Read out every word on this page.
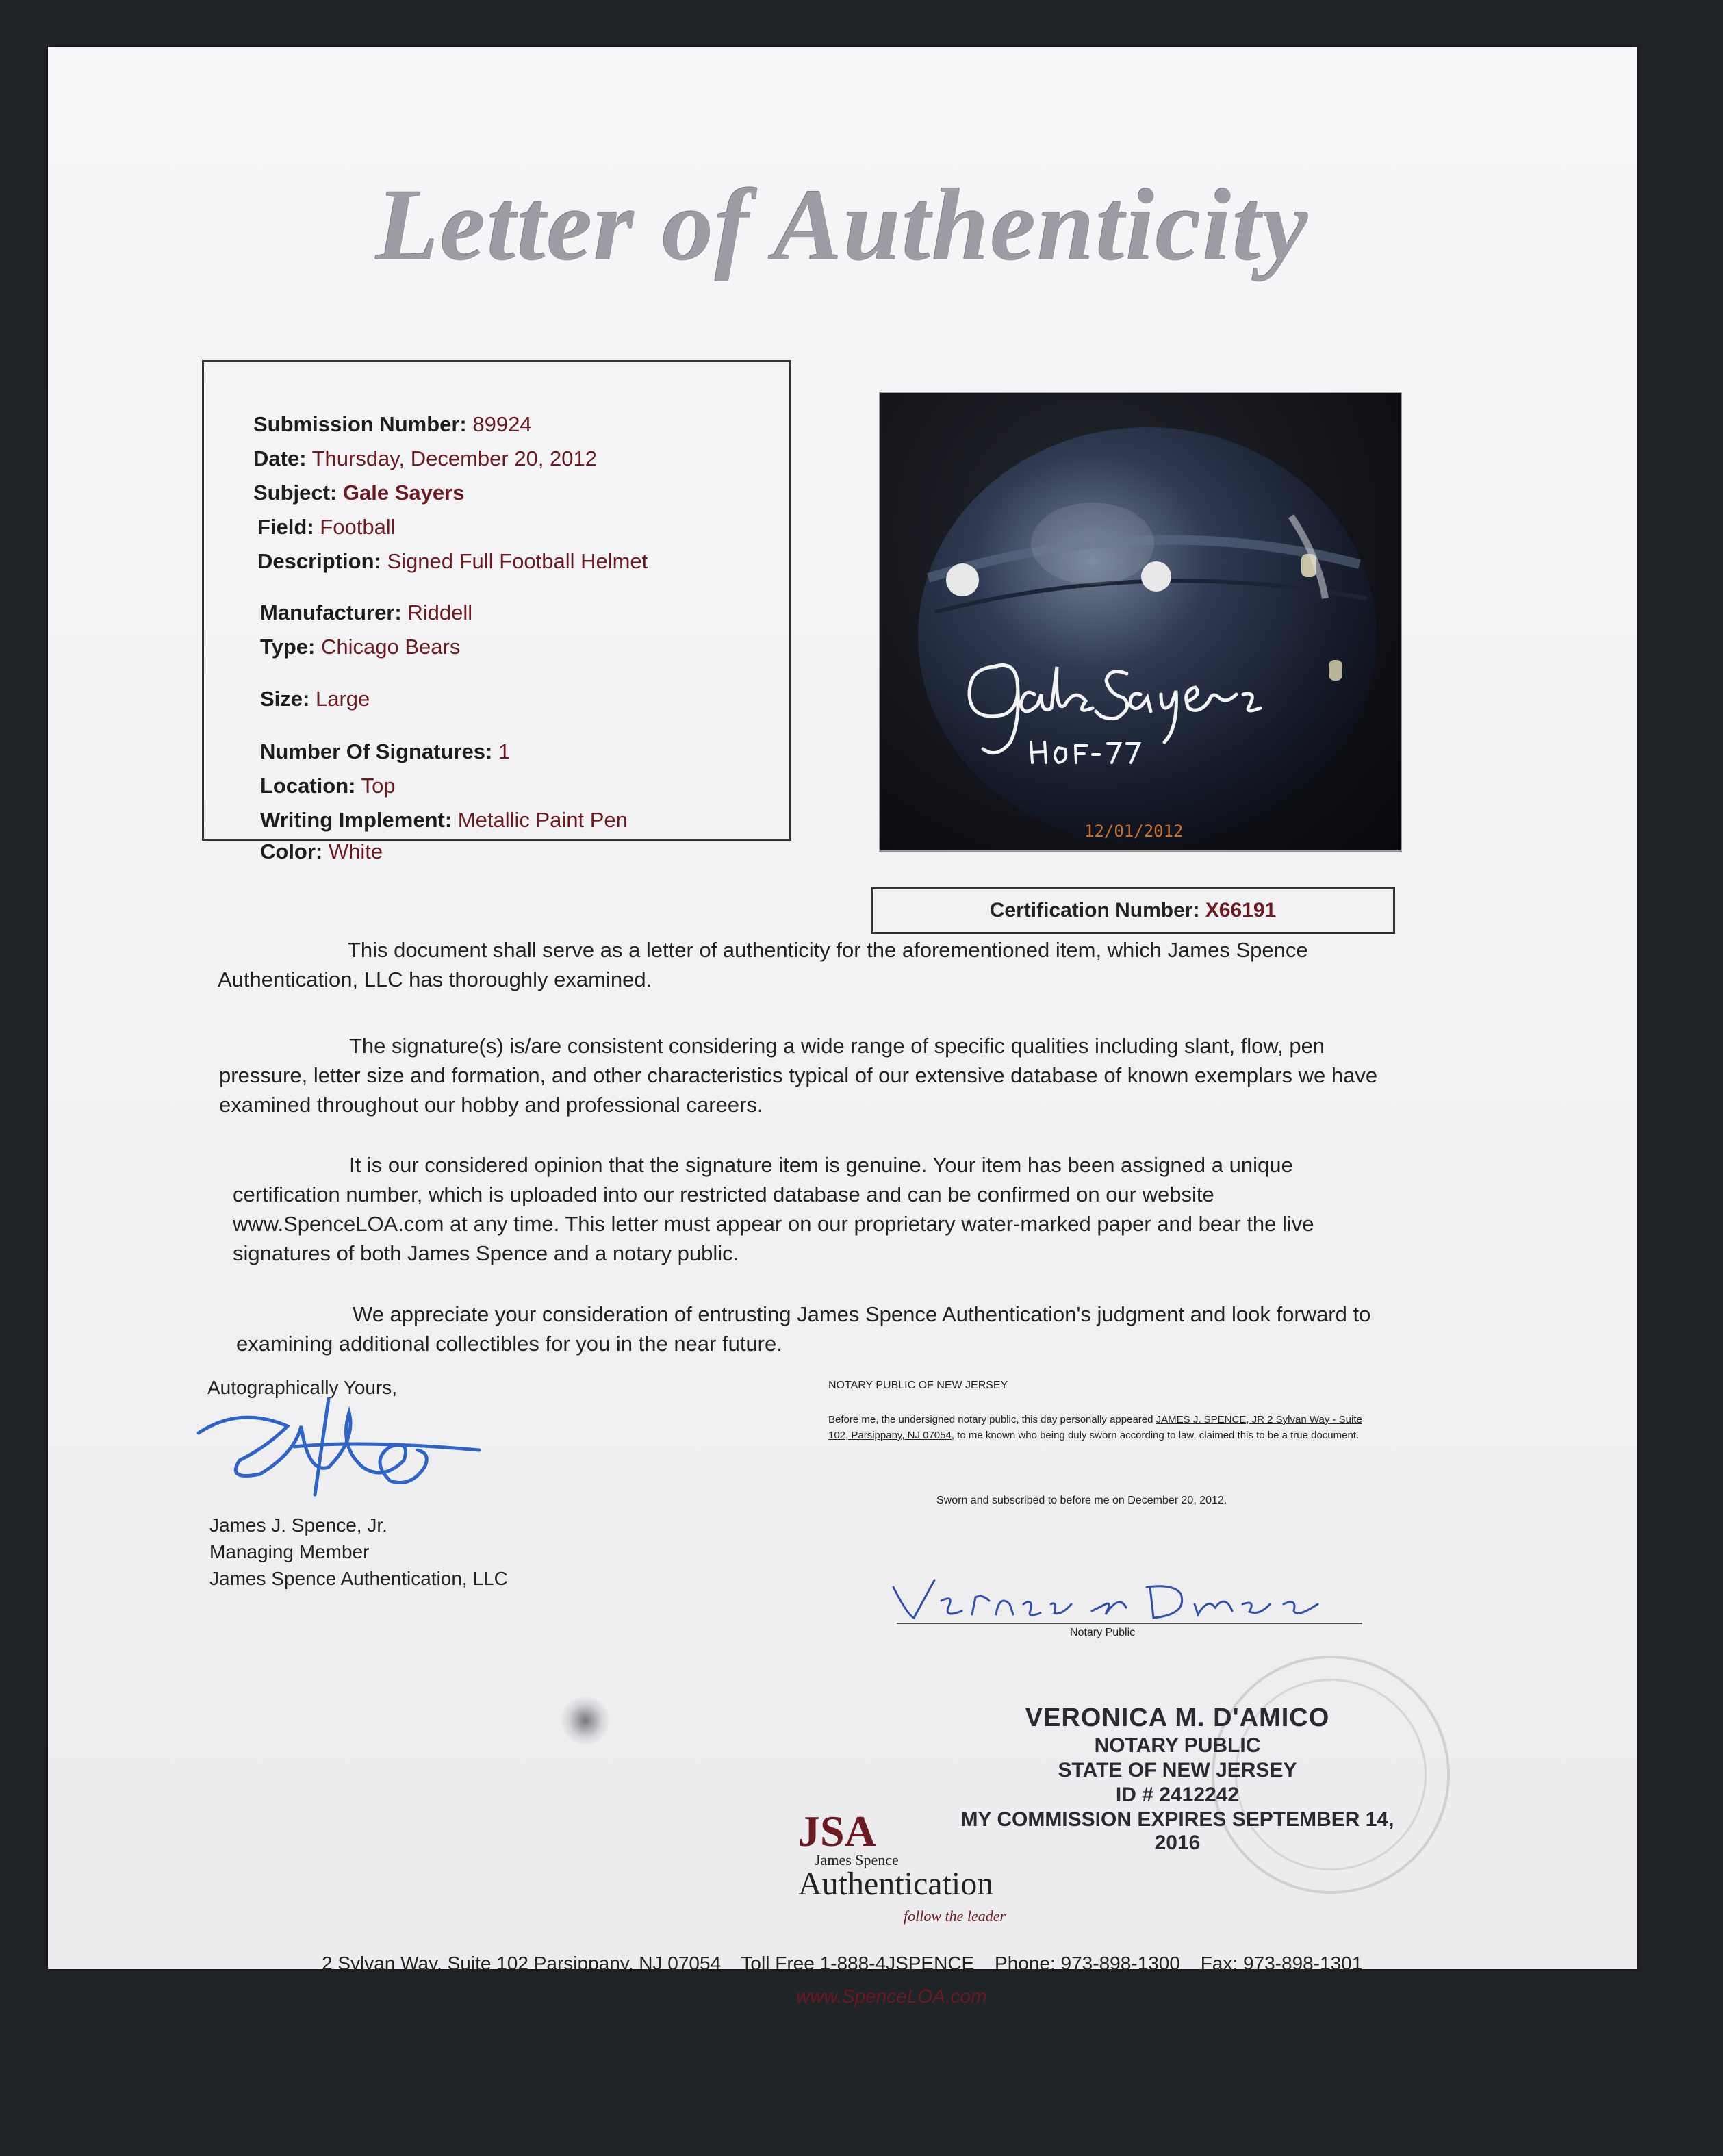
Letter of Authenticity
Submission Number: 89924
Date: Thursday, December 20, 2012
Subject: Gale Sayers
Field: Football
Description: Signed Full Football Helmet
Manufacturer: Riddell
Type: Chicago Bears
Size: Large
Number Of Signatures: 1
Location: Top
Writing Implement: Metallic Paint Pen
Color: White
12/01/2012
Certification Number: X66191

This document shall serve as a letter of authenticity for the aforementioned item, which James Spence Authentication, LLC has thoroughly examined.

The signature(s) is/are consistent considering a wide range of specific qualities including slant, flow, pen pressure, letter size and formation, and other characteristics typical of our extensive database of known exemplars we have examined throughout our hobby and professional careers.

It is our considered opinion that the signature item is genuine. Your item has been assigned a unique certification number, which is uploaded into our restricted database and can be confirmed on our website www.SpenceLOA.com at any time. This letter must appear on our proprietary water-marked paper and bear the live signatures of both James Spence and a notary public.

We appreciate your consideration of entrusting James Spence Authentication's judgment and look forward to examining additional collectibles for you in the near future.

Autographically Yours,
James J. Spence, Jr.
Managing Member
James Spence Authentication, LLC
NOTARY PUBLIC OF NEW JERSEY
Before me, the undersigned notary public, this day personally appeared JAMES J. SPENCE, JR 2 Sylvan Way - Suite 102, Parsippany, NJ 07054, to me known who being duly sworn according to law, claimed this to be a true document.
Sworn and subscribed to before me on December 20, 2012.
Notary Public
VERONICA M. D'AMICO
NOTARY PUBLIC
STATE OF NEW JERSEY
ID # 2412242
MY COMMISSION EXPIRES SEPTEMBER 14, 2016
JSA
James Spence
Authentication
follow the leader
2 Sylvan Way, Suite 102 Parsippany, NJ 07054 Toll Free 1-888-4JSPENCE Phone: 973-898-1300 Fax: 973-898-1301
www.SpenceLOA.com
